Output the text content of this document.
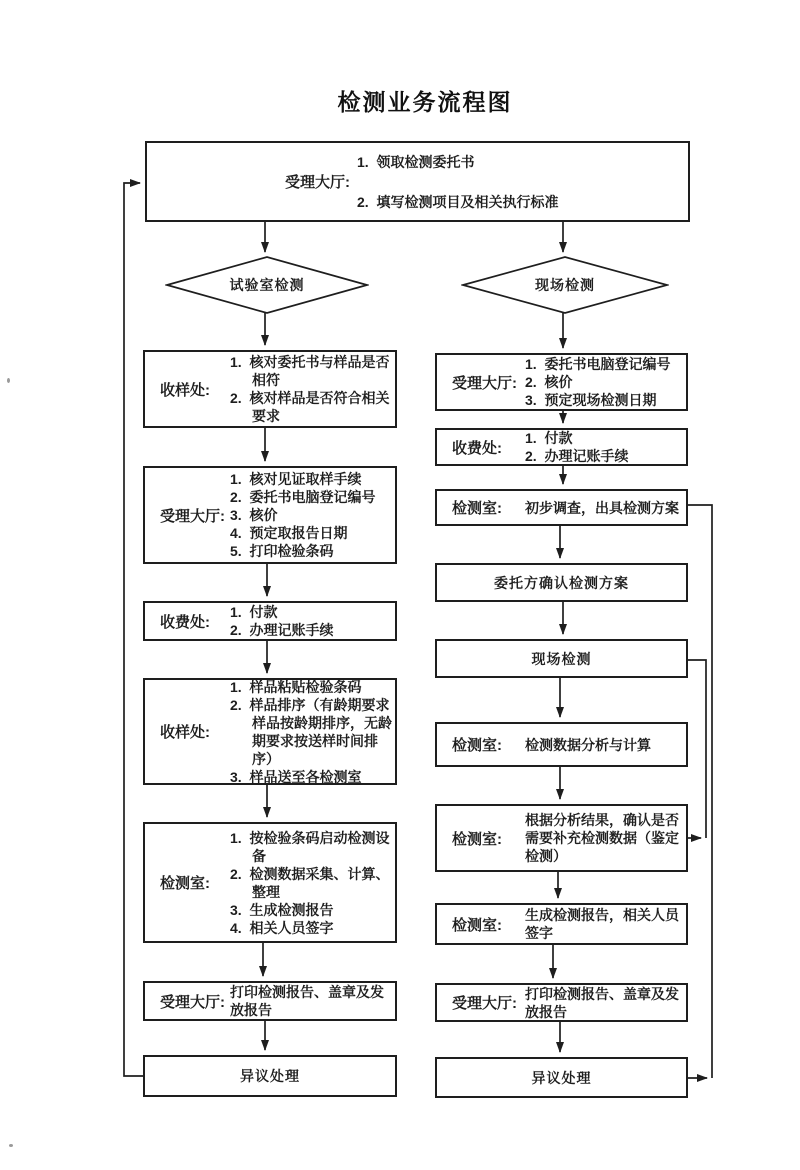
检测业务流程图
受理大厅:
1.  领取检测委托书
2.  填写检测项目及相关执行标准
试验室检测	现场检测
收样处:
1.  核对委托书与样品是否相符
2.  核对样品是否符合相关要求
受理大厅:
1.  核对见证取样手续
2.  委托书电脑登记编号
3.  核价
4.  预定取报告日期
5.  打印检验条码
收费处:
1.  付款
2.  办理记账手续
收样处:
1.  样品粘贴检验条码
2.  样品排序（有龄期要求样品按龄期排序，无龄期要求按送样时间排序）
3.  样品送至各检测室
检测室:
1.  按检验条码启动检测设备
2.  检测数据采集、计算、整理
3.  生成检测报告
4.  相关人员签字
受理大厅:
打印检测报告、盖章及发放报告
异议处理
受理大厅:
1.  委托书电脑登记编号
2.  核价
3.  预定现场检测日期
收费处:
1.  付款
2.  办理记账手续
检测室:	初步调查，出具检测方案
委托方确认检测方案
现场检测
检测室:	检测数据分析与计算
检测室:
根据分析结果，确认是否需要补充检测数据（鉴定检测）
检测室:
生成检测报告，相关人员签字
受理大厅:
打印检测报告、盖章及发放报告
异议处理
